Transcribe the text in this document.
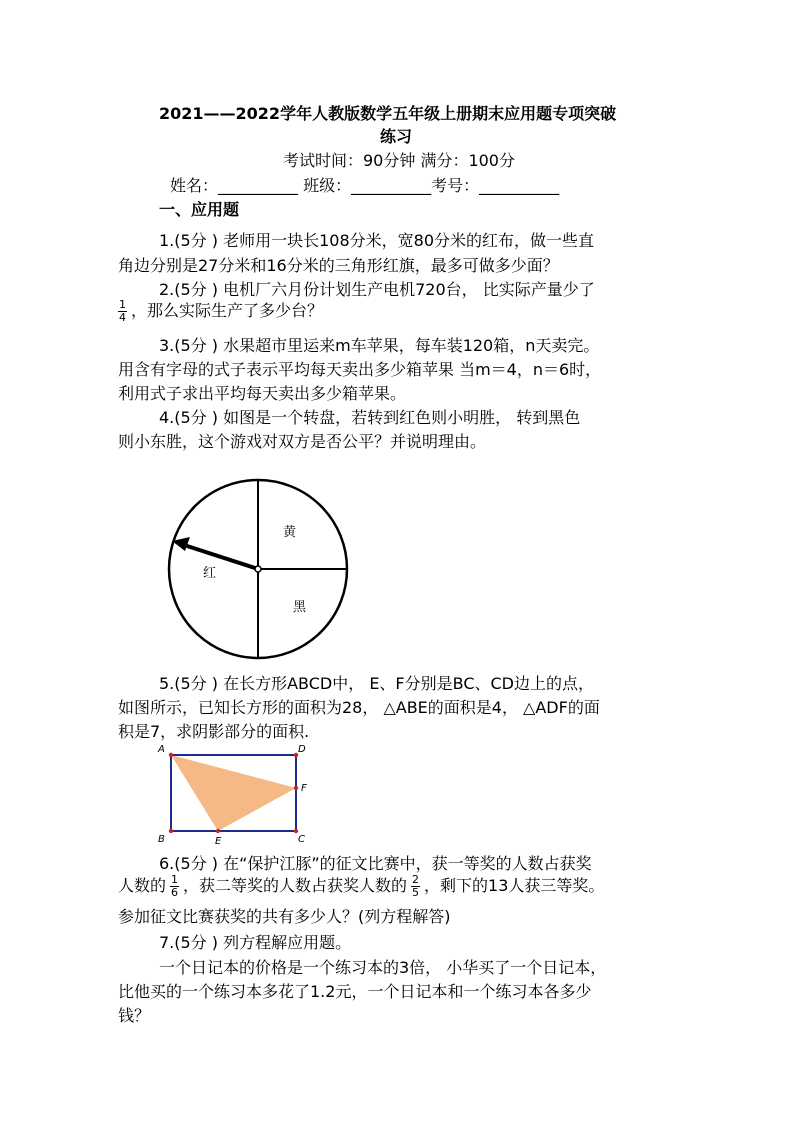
2021——2022学年人教版数学五年级上册期末应用题专项突破
练习
考试时间：90分钟 满分：100分
姓名：__________ 班级：__________考号：__________
一、应用题
1.(5分 ) 老师用一块长108分米，宽80分米的红布，做一些直
角边分别是27分米和16分米的三角形红旗，最多可做多少面？
2.(5分 ) 电机厂六月份计划生产电机720台， 比实际产量少了
$\frac{1}{4}$ ，那么实际生产了多少台？
3.(5分 ) 水果超市里运来m车苹果，每车装120箱，n天卖完。
用含有字母的式子表示平均每天卖出多少箱苹果 当m＝4，n＝6时，
利用式子求出平均每天卖出多少箱苹果。
4.(5分 ) 如图是一个转盘，若转到红色则小明胜， 转到黑色
则小东胜，这个游戏对双方是否公平？并说明理由。
黄
红
黑
5.(5分 ) 在长方形ABCD中， E、F分别是BC、CD边上的点，
如图所示，已知长方形的面积为28， △ABE的面积是4， △ADF的面
积是7，求阴影部分的面积.
A	D
F
B	E	C
6.(5分 ) 在“保护江豚”的征文比赛中，获一等奖的人数占获奖
人数的 $\frac{1}{6}$ ，获二等奖的人数占获奖人数的 $\frac{2}{5}$ ，剩下的13人获三等奖。
参加征文比赛获奖的共有多少人？(列方程解答)
7.(5分 ) 列方程解应用题。
一个日记本的价格是一个练习本的3倍， 小华买了一个日记本，
比他买的一个练习本多花了1.2元，一个日记本和一个练习本各多少
钱？
